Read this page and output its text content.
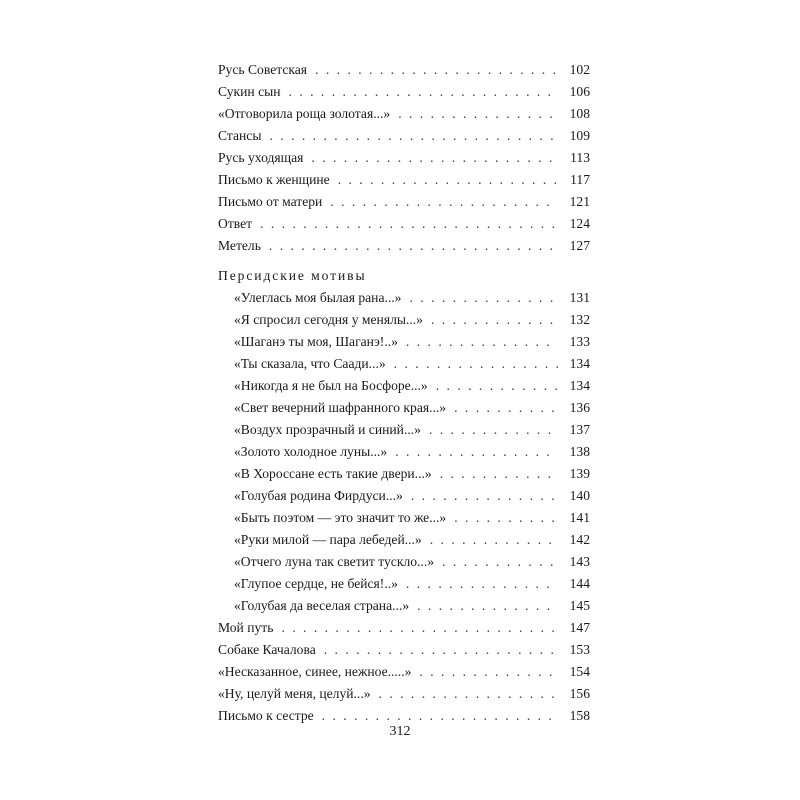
Русь Советская . . .	102
Сукин сын . . .	106
«Отговорила роща золотая...» . . .	108
Стансы . . .	109
Русь уходящая . . .	113
Письмо к женщине . . .	117
Письмо от матери . . .	121
Ответ . . .	124
Метель . . .	127
Персидские мотивы
«Улеглась моя былая рана...» . . .	131
«Я спросил сегодня у менялы...» . . .	132
«Шаганэ ты моя, Шаганэ!..» . . .	133
«Ты сказала, что Саади...» . . .	134
«Никогда я не был на Босфоре...» . . .	134
«Свет вечерний шафранного края...» . . .	136
«Воздух прозрачный и синий...» . . .	137
«Золото холодное луны...» . . .	138
«В Хороссане есть такие двери...» . . .	139
«Голубая родина Фирдуси...» . . .	140
«Быть поэтом — это значит то же...» . . .	141
«Руки милой — пара лебедей...» . . .	142
«Отчего луна так светит тускло...» . . .	143
«Глупое сердце, не бейся!..» . . .	144
«Голубая да веселая страна...» . . .	145
Мой путь . . .	147
Собаке Качалова . . .	153
«Несказанное, синее, нежное.....» . . .	154
«Ну, целуй меня, целуй...» . . .	156
Письмо к сестре . . .	158
312
